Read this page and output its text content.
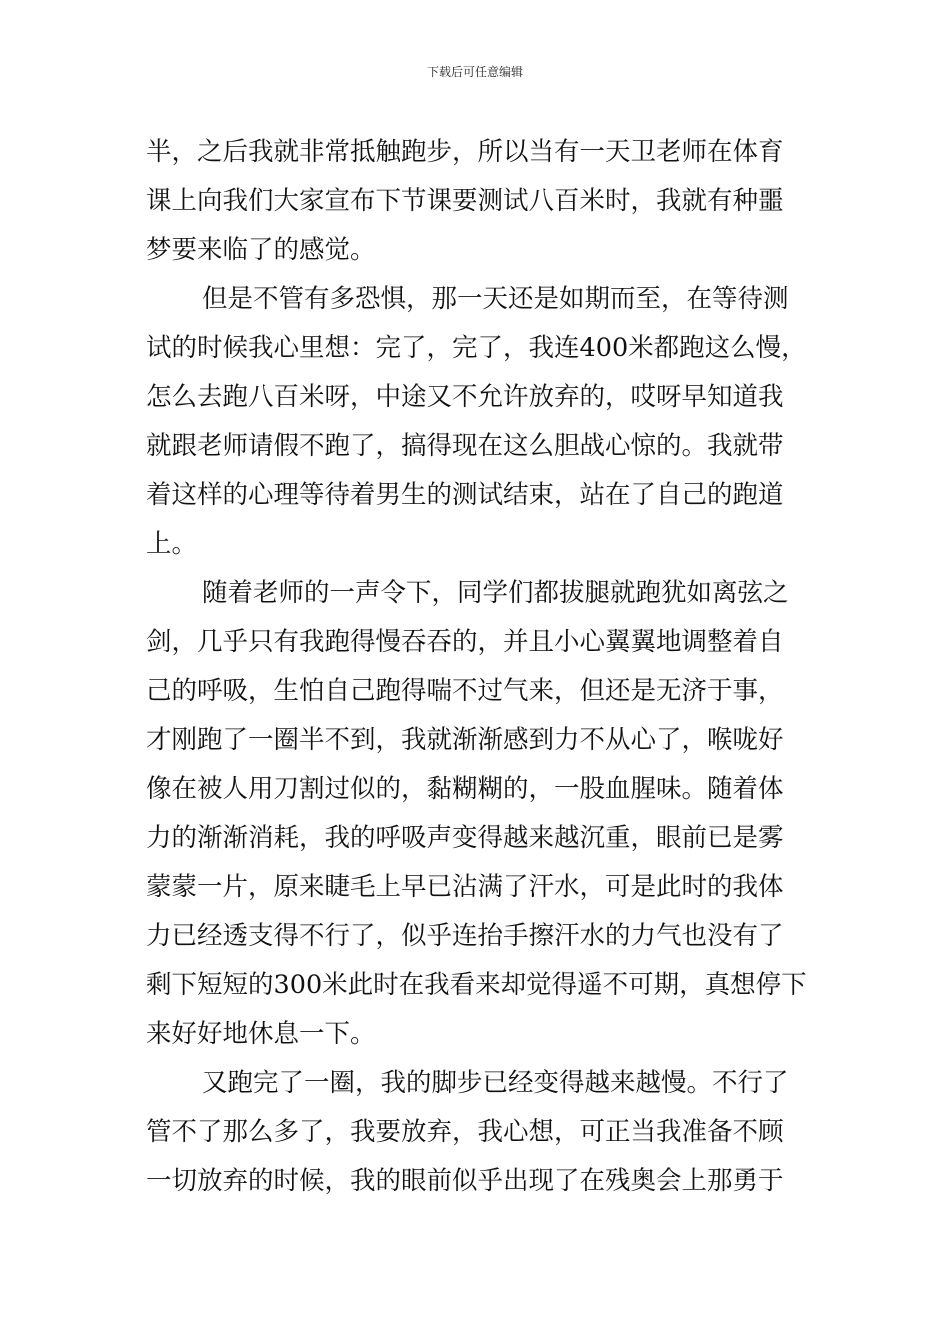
下载后可任意编辑
半，之后我就非常抵触跑步，所以当有一天卫老师在体育
课上向我们大家宣布下节课要测试八百米时，我就有种噩
梦要来临了的感觉。
但是不管有多恐惧，那一天还是如期而至，在等待测
试的时候我心里想：完了，完了，我连400米都跑这么慢，
怎么去跑八百米呀，中途又不允许放弃的，哎呀早知道我
就跟老师请假不跑了，搞得现在这么胆战心惊的。我就带
着这样的心理等待着男生的测试结束，站在了自己的跑道
上。
随着老师的一声令下，同学们都拔腿就跑犹如离弦之
剑，几乎只有我跑得慢吞吞的，并且小心翼翼地调整着自
己的呼吸，生怕自己跑得喘不过气来，但还是无济于事，
才刚跑了一圈半不到，我就渐渐感到力不从心了，喉咙好
像在被人用刀割过似的，黏糊糊的，一股血腥味。随着体
力的渐渐消耗，我的呼吸声变得越来越沉重，眼前已是雾
蒙蒙一片，原来睫毛上早已沾满了汗水，可是此时的我体
力已经透支得不行了，似乎连抬手擦汗水的力气也没有了
剩下短短的300米此时在我看来却觉得遥不可期，真想停下
来好好地休息一下。
又跑完了一圈，我的脚步已经变得越来越慢。不行了
管不了那么多了，我要放弃，我心想，可正当我准备不顾
一切放弃的时候，我的眼前似乎出现了在残奥会上那勇于
